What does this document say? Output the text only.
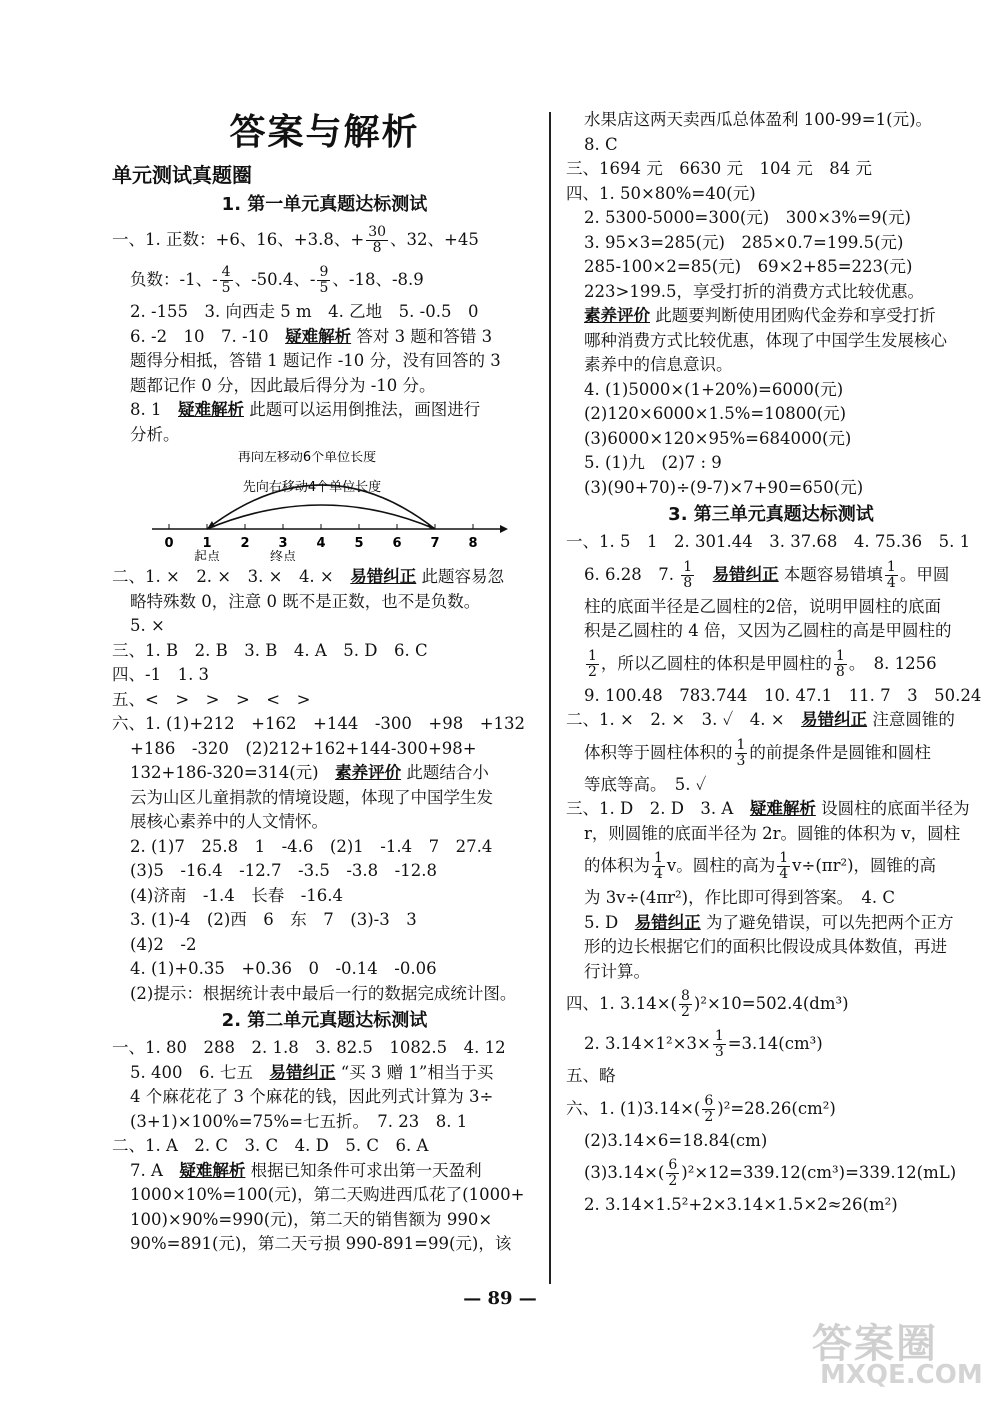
答案与解析
单元测试真题圈
1. 第一单元真题达标测试
一、1. 正数：+6、16、+3.8、+ $\frac{30}{8}$ 、32、+45
负数：-1、- $\frac{4}{5}$ 、-50.4、- $\frac{9}{5}$ 、-18、-8.9
2. -155　3. 向西走 5 m　4. 乙地　5. -0.5　0
6. -2　10　7. -10　疑难解析 答对 3 题和答错 3
题得分相抵，答错 1 题记作 -10 分，没有回答的 3
题都记作 0 分，因此最后得分为 -10 分。
8. 1　疑难解析 此题可以运用倒推法，画图进行
分析。
再向左移动6个单位长度
先向右移动4个单位长度
0 1 2 3 4 5 6 7 8
起点	终点
二、1. ×　2. ×　3. ×　4. ×　易错纠正 此题容易忽
略特殊数 0，注意 0 既不是正数，也不是负数。
5. ×
三、1. B　2. B　3. B　4. A　5. D　6. C
四、-1　1. 3
五、<　>　>　>　<　>
六、1. (1)+212　+162　+144　-300　+98　+132
+186　-320　(2)212+162+144-300+98+
132+186-320=314(元)　素养评价 此题结合小
云为山区儿童捐款的情境设题，体现了中国学生发
展核心素养中的人文情怀。
2. (1)7　25.8　1　-4.6　(2)1　-1.4　7　27.4
(3)5　-16.4　-12.7　-3.5　-3.8　-12.8
(4)济南　-1.4　长春　-16.4
3. (1)-4　(2)西　6　东　7　(3)-3　3
(4)2　-2
4. (1)+0.35　+0.36　0　-0.14　-0.06
(2)提示：根据统计表中最后一行的数据完成统计图。
2. 第二单元真题达标测试
一、1. 80　288　2. 1.8　3. 82.5　1082.5　4. 12
5. 400　6. 七五　易错纠正 “买 3 赠 1”相当于买
4 个麻花花了 3 个麻花的钱，因此列式计算为 3÷
(3+1)×100%=75%=七五折。　7. 23　8. 1
二、1. A　2. C　3. C　4. D　5. C　6. A
7. A　疑难解析 根据已知条件可求出第一天盈利
1000×10%=100(元)，第二天购进西瓜花了(1000+
100)×90%=990(元)，第二天的销售额为 990×
90%=891(元)，第二天亏损 990-891=99(元)，该
水果店这两天卖西瓜总体盈利 100-99=1(元)。
8. C
三、1694 元　6630 元　104 元　84 元
四、1. 50×80%=40(元)
2. 5300-5000=300(元)　300×3%=9(元)
3. 95×3=285(元)　285×0.7=199.5(元)
285-100×2=85(元)　69×2+85=223(元)
223>199.5，享受打折的消费方式比较优惠。
素养评价 此题要判断使用团购代金券和享受打折
哪种消费方式比较优惠，体现了中国学生发展核心
素养中的信息意识。
4. (1)5000×(1+20%)=6000(元)
(2)120×6000×1.5%=10800(元)
(3)6000×120×95%=684000(元)
5. (1)九　(2)7 : 9
(3)(90+70)÷(9-7)×7+90=650(元)
3. 第三单元真题达标测试
一、1. 5　1　2. 301.44　3. 37.68　4. 75.36　5. 1
6. 6.28　7. $\frac{1}{8}$
　 易错纠正 本题容易错填 $\frac{1}{4}$ 。甲圆
柱的底面半径是乙圆柱的2倍，说明甲圆柱的底面
积是乙圆柱的 4 倍，又因为乙圆柱的高是甲圆柱的
$\frac{1}{2}$ ，所以乙圆柱的体积是甲圆柱的 $\frac{1}{8}$ 。　8. 1256
9. 100.48　783.744　10. 47.1　11. 7　3　50.24
二、1. ×　2. ×　3. ✓　4. ×　易错纠正 注意圆锥的
体积等于圆柱体积的 $\frac{1}{3}$ 的前提条件是圆锥和圆柱
等底等高。　5. ✓
三、1. D　2. D　3. A　疑难解析 设圆柱的底面半径为
r，则圆锥的底面半径为 2r。圆锥的体积为 v，圆柱
的体积为 $\frac{1}{4}$ v。圆柱的高为 $\frac{1}{4} v\div(\pi r^2)$，圆锥的高
为 3v÷(4πr²)，作比即可得到答案。　4. C
5. D　易错纠正 为了避免错误，可以先把两个正方
形的边长根据它们的面积比假设成具体数值，再进
行计算。
四、1. $3.14\times( \frac{8}{2} )^2\times 10=502.4(dm^3)$
2. $3.14\times 1^2\times 3\times \frac{1}{3} =3.14(cm^3)$
五、略
六、1. $(1)3.14\times( \frac{6}{2} )^2=28.26(cm^2)$
(2)3.14×6=18.84(cm)
$(3)3.14\times( \frac{6}{2} )^2\times 12=339.12(cm^3)=339.12(mL)$
2. 3.14×1.5²+2×3.14×1.5×2≈26(m²)
— 89 —
答案圈
MXQE.COM
